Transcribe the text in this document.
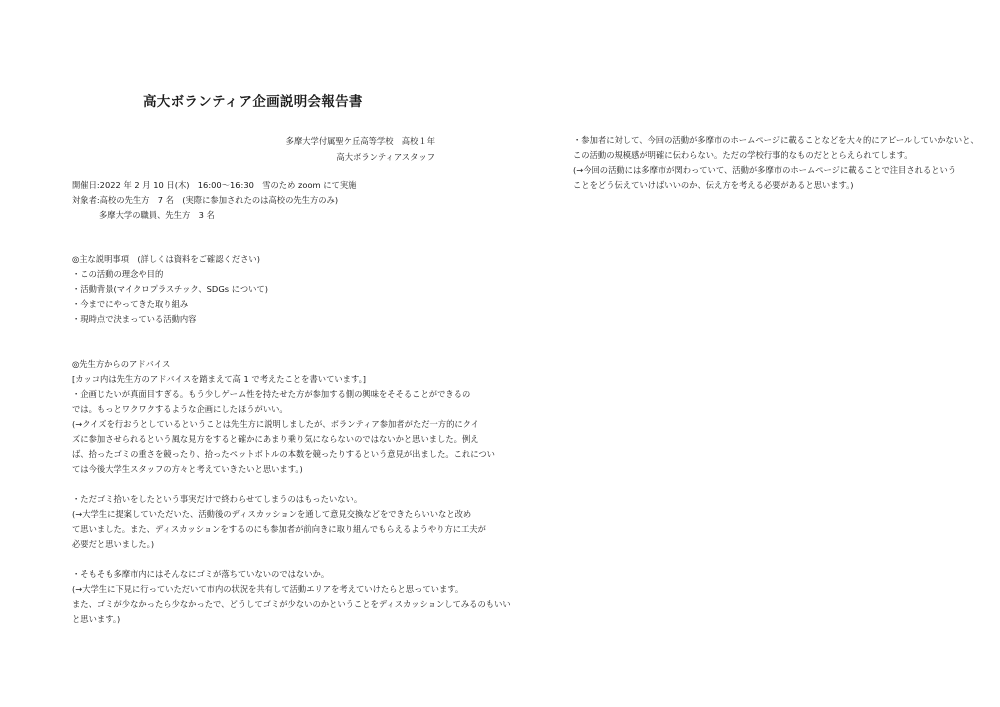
高大ボランティア企画説明会報告書
多摩大学付属聖ケ丘高等学校　高校１年
高大ボランティアスタッフ
開催日:2022 年 2 月 10 日(木)　16:00～16:30　雪のため zoom にて実施
対象者:高校の先生方　7 名　(実際に参加されたのは高校の先生方のみ)
多摩大学の職員、先生方　3 名
◎主な説明事項　(詳しくは資料をご確認ください)
・この活動の理念や目的
・活動背景(マイクロプラスチック、SDGs について)
・今までにやってきた取り組み
・現時点で決まっている活動内容
◎先生方からのアドバイス
[カッコ内は先生方のアドバイスを踏まえて高 1 で考えたことを書いています。]
・企画じたいが真面目すぎる。もう少しゲーム性を持たせた方が参加する側の興味をそそることができるの
では。もっとワクワクするような企画にしたほうがいい。
(→クイズを行おうとしているということは先生方に説明しましたが、ボランティア参加者がただ一方的にクイ
ズに参加させられるという風な見方をすると確かにあまり乗り気にならないのではないかと思いました。例え
ば、拾ったゴミの重さを競ったり、拾ったペットボトルの本数を競ったりするという意見が出ました。これについ
ては今後大学生スタッフの方々と考えていきたいと思います。)
・ただゴミ拾いをしたという事実だけで終わらせてしまうのはもったいない。
(→大学生に提案していただいた、活動後のディスカッションを通して意見交換などをできたらいいなと改め
て思いました。また、ディスカッションをするのにも参加者が前向きに取り組んでもらえるようやり方に工夫が
必要だと思いました。)
・そもそも多摩市内にはそんなにゴミが落ちていないのではないか。
(→大学生に下見に行っていただいて市内の状況を共有して活動エリアを考えていけたらと思っています。
また、ゴミが少なかったら少なかったで、どうしてゴミが少ないのかということをディスカッションしてみるのもいい
と思います。)
・参加者に対して、今回の活動が多摩市のホームページに載ることなどを大々的にアピールしていかないと、
この活動の規模感が明確に伝わらない。ただの学校行事的なものだととらえられてします。
(→今回の活動には多摩市が関わっていて、活動が多摩市のホームページに載ることで注目されるという
ことをどう伝えていけばいいのか、伝え方を考える必要があると思います。)
